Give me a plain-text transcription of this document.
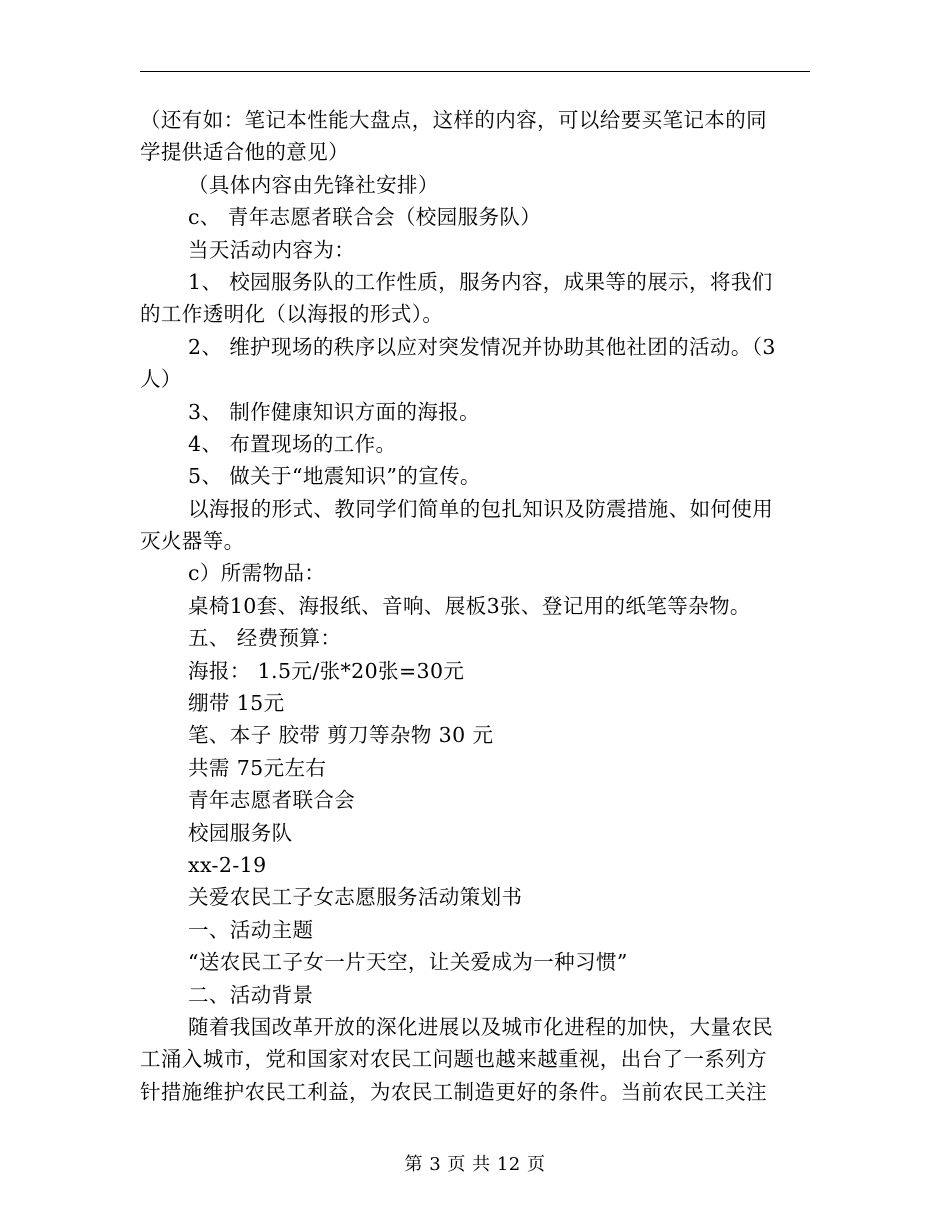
（还有如：笔记本性能大盘点，这样的内容，可以给要买笔记本的同
学提供适合他的意见）
（具体内容由先锋社安排）
c、 青年志愿者联合会（校园服务队）
当天活动内容为：
1、 校园服务队的工作性质，服务内容，成果等的展示，将我们
的工作透明化（以海报的形式）。
2、 维护现场的秩序以应对突发情况并协助其他社团的活动。（3
人）
3、 制作健康知识方面的海报。
4、 布置现场的工作。
5、 做关于“地震知识”的宣传。
以海报的形式、教同学们简单的包扎知识及防震措施、如何使用
灭火器等。
c）所需物品：
桌椅10套、海报纸、音响、展板3张、登记用的纸笔等杂物。
五、 经费预算：
海报： 1.5元/张*20张=30元
绷带 15元
笔、本子 胶带 剪刀等杂物 30 元
共需 75元左右
青年志愿者联合会
校园服务队
xx-2-19
关爱农民工子女志愿服务活动策划书
一、活动主题
“送农民工子女一片天空，让关爱成为一种习惯”
二、活动背景
随着我国改革开放的深化进展以及城市化进程的加快，大量农民
工涌入城市，党和国家对农民工问题也越来越重视，出台了一系列方
针措施维护农民工利益，为农民工制造更好的条件。当前农民工关注
第 3 页 共 12 页
